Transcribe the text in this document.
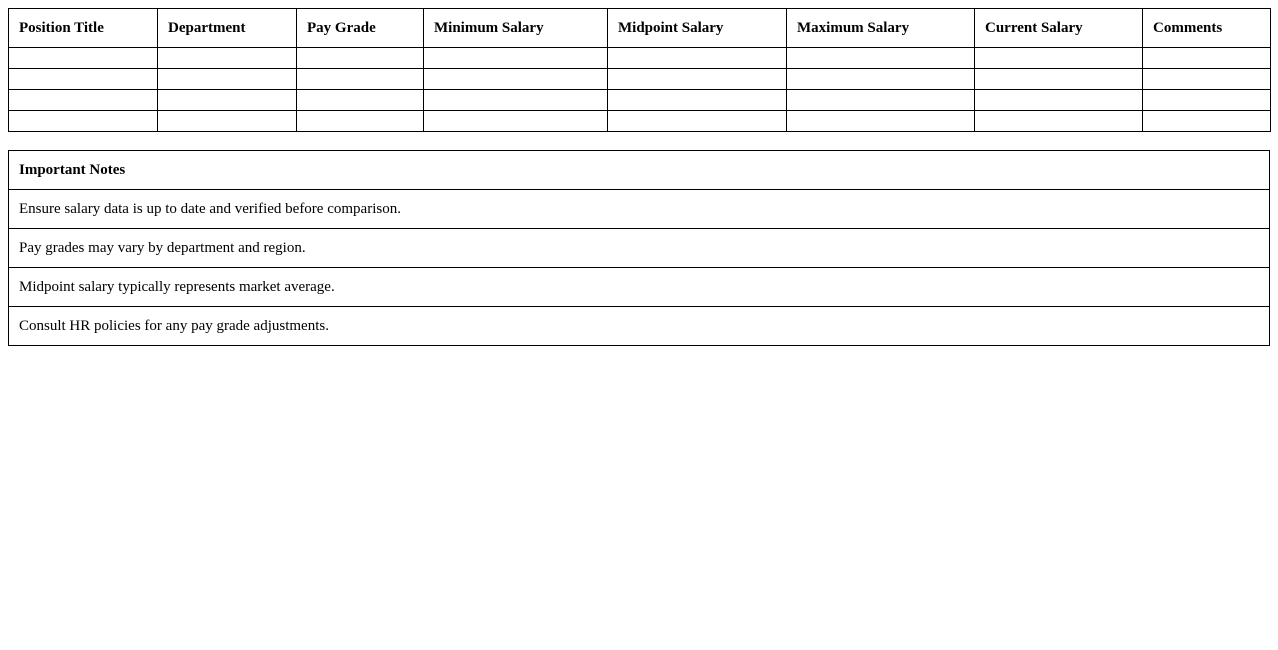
Position Title	Department	Pay Grade	Minimum Salary	Midpoint Salary	Maximum Salary	Current Salary	Comments

Important Notes
Ensure salary data is up to date and verified before comparison.
Pay grades may vary by department and region.
Midpoint salary typically represents market average.
Consult HR policies for any pay grade adjustments.
